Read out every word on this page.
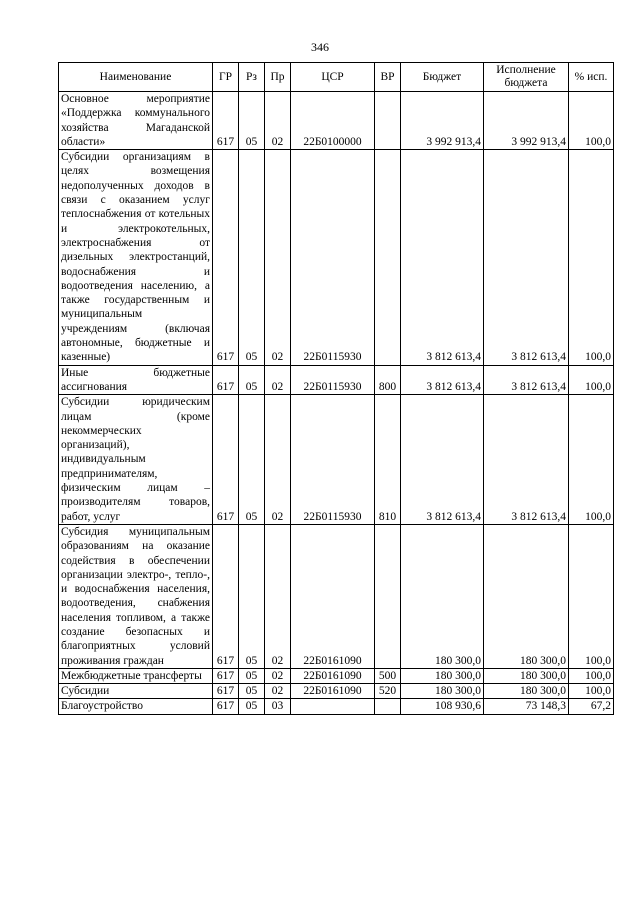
346
Наименование	ГР	Рз	Пр	ЦСР	ВР	Бюджет	Исполнение бюджета	% исп.
Основное мероприятие «Поддержка коммунального хозяйства Магаданской области»	617	05	02	22Б0100000		3 992 913,4	3 992 913,4	100,0
Субсидии организациям в целях возмещения недополученных доходов в связи с оказанием услуг теплоснабжения от котельных и электрокотельных, электроснабжения от дизельных электростанций, водоснабжения и водоотведения населению, а также государственным и муниципальным учреждениям (включая автономные, бюджетные и казенные)	617	05	02	22Б0115930		3 812 613,4	3 812 613,4	100,0
Иные бюджетные ассигнования	617	05	02	22Б0115930	800	3 812 613,4	3 812 613,4	100,0
Субсидии юридическим лицам (кроме некоммерческих организаций), индивидуальным предпринимателям, физическим лицам – производителям товаров, работ, услуг	617	05	02	22Б0115930	810	3 812 613,4	3 812 613,4	100,0
Субсидия муниципальным образованиям на оказание содействия в обеспечении организации электро-, тепло-, и водоснабжения населения, водоотведения, снабжения населения топливом, а также создание безопасных и благоприятных условий проживания граждан	617	05	02	22Б0161090		180 300,0	180 300,0	100,0
Межбюджетные трансферты	617	05	02	22Б0161090	500	180 300,0	180 300,0	100,0
Субсидии	617	05	02	22Б0161090	520	180 300,0	180 300,0	100,0
Благоустройство	617	05	03			108 930,6	73 148,3	67,2
